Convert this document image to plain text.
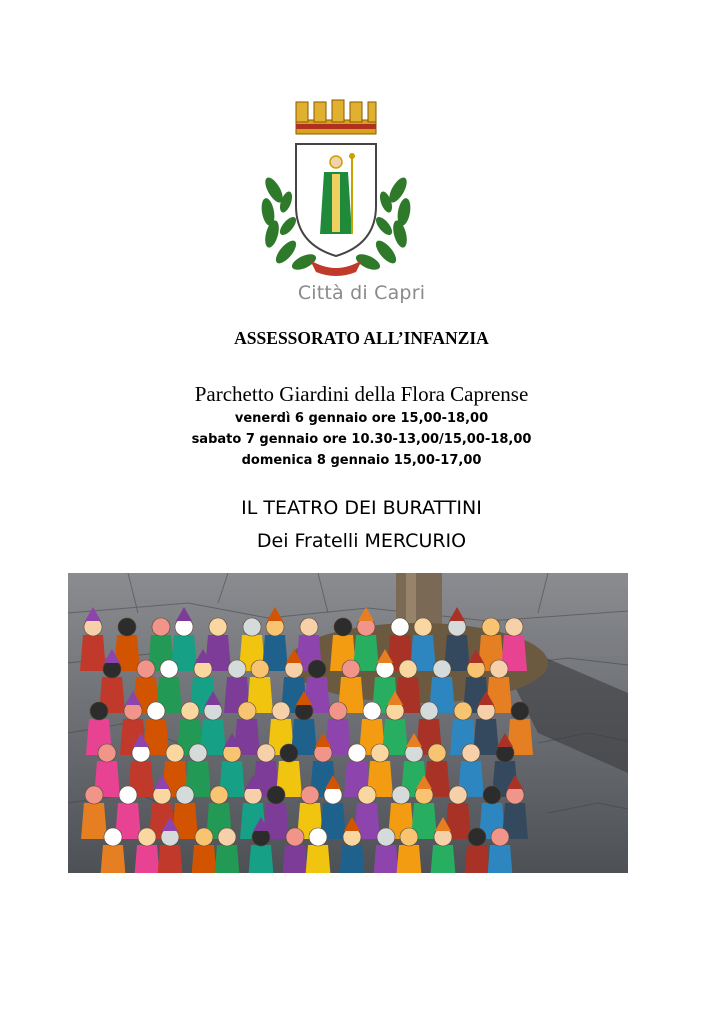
Città di Capri
ASSESSORATO ALL’INFANZIA
Parchetto Giardini della Flora Caprense
venerdì 6 gennaio ore 15,00-18,00
sabato 7 gennaio ore 10.30-13,00/15,00-18,00
domenica 8 gennaio 15,00-17,00
IL TEATRO DEI BURATTINI
Dei Fratelli MERCURIO
